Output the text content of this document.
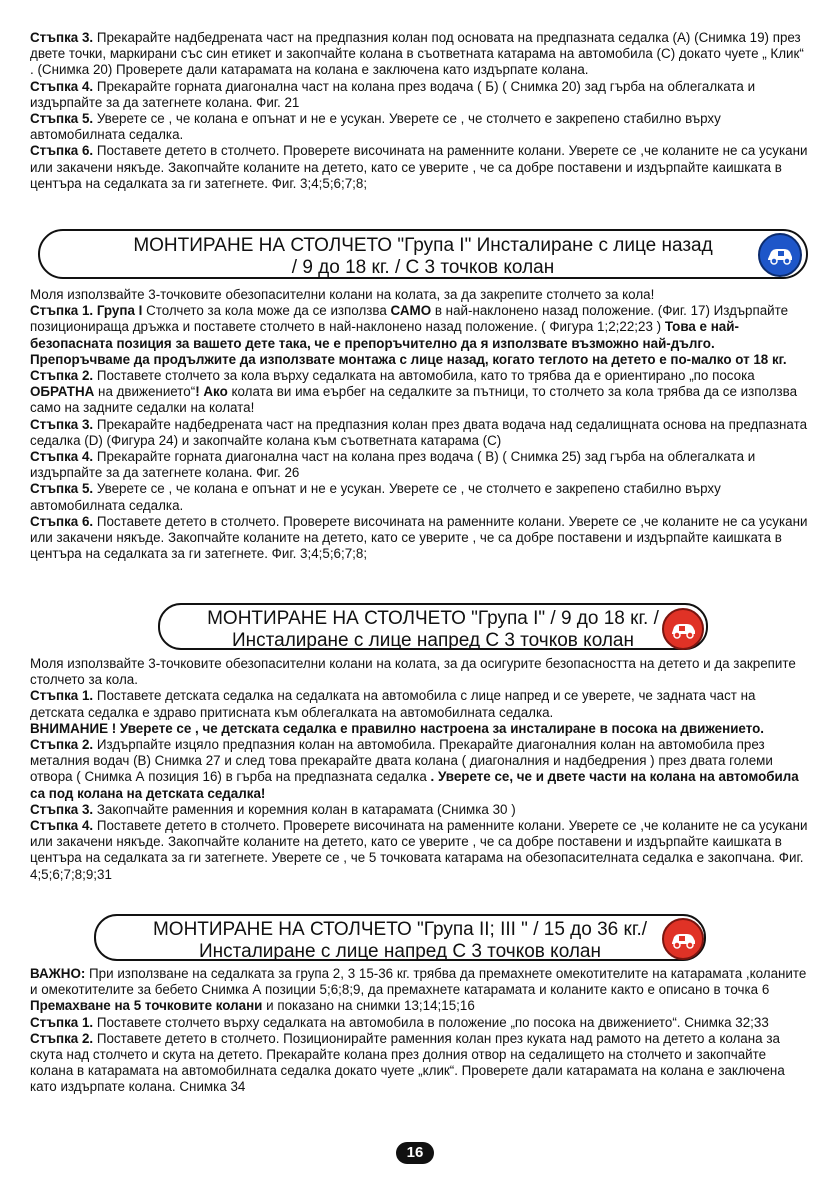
Стъпка 3. Прекарайте надбедрената част на предпазния колан под основата на предпазната седалка (А) (Снимка 19) през двете точки, маркирани със син етикет и закопчайте колана в съответната катарама на автомобила (С) докато чуете „ Клик“ . (Снимка 20) Проверете дали катарамата на колана е заключена като издърпате колана.

Стъпка 4. Прекарайте горната диагонална част на колана през водача ( Б) ( Снимка 20) зад гърба на облегалката и издърпайте за да затегнете колана. Фиг. 21

Стъпка 5. Уверете се , че колана е опънат и не е усукан. Уверете се , че столчето е закрепено стабилно върху автомобилната седалка.

Стъпка 6. Поставете детето в столчето. Проверете височината на раменните колани. Уверете се ,че коланите не са усукани или закачени някъде. Закопчайте коланите на детето, като се уверите , че са добре поставени и издърпайте каишката в центъра на седалката за ги затегнете. Фиг. 3;4;5;6;7;8;

МОНТИРАНЕ НА СТОЛЧЕТО "Група I" Инсталиране с лице назад
/ 9 до 18 кг. / С 3 точков колан

Моля използвайте 3-точковите обезопасителни колани на колата, за да закрепите столчето за кола!

Стъпка 1. Група I Столчето за кола може да се използва САМО в най-наклонено назад положение. (Фиг. 17) Издърпайте позиционираща дръжка и поставете столчето в най-наклонено назад положение. ( Фигура 1;2;22;23 ) Това е най-безопасната позиция за вашето дете така, че е препоръчително да я използвате възможно най-дълго. Препоръчваме да продължите да използвате монтажа с лице назад, когато теглото на детето е по-малко от 18 кг.

Стъпка 2. Поставете столчето за кола върху седалката на автомобила, като то трябва да е ориентирано „по посока ОБРАТНА на движението“! Ако колата ви има еърбег на седалките за пътници, то столчето за кола трябва да се използва само на задните седалки на колата!

Стъпка 3. Прекарайте надбедрената част на предпазния колан през двата водача над седалищната основа на предпазната седалка (D) (Фигура 24) и закопчайте колана към съответната катарама (С)

Стъпка 4. Прекарайте горната диагонална част на колана през водача ( В) ( Снимка 25) зад гърба на облегалката и издърпайте за да затегнете колана. Фиг. 26

Стъпка 5. Уверете се , че колана е опънат и не е усукан. Уверете се , че столчето е закрепено стабилно върху автомобилната седалка.

Стъпка 6. Поставете детето в столчето. Проверете височината на раменните колани. Уверете се ,че коланите не са усукани или закачени някъде. Закопчайте коланите на детето, като се уверите , че са добре поставени и издърпайте каишката в центъра на седалката за ги затегнете. Фиг. 3;4;5;6;7;8;

МОНТИРАНЕ НА СТОЛЧЕТО "Група I" / 9 до 18 кг. /
Инсталиране с лице напред С 3 точков колан

Моля използвайте 3-точковите обезопасителни колани на колата, за да осигурите безопасността на детето и да закрепите столчето за кола.

Стъпка 1. Поставете детската седалка на седалката на автомобила с лице напред и се уверете, че задната част на детската седалка е здраво притисната към облегалката на автомобилната седалка.

ВНИМАНИЕ ! Уверете се , че детската седалка е правилно настроена за инсталиране в посока на движението.

Стъпка 2. Издърпайте изцяло предпазния колан на автомобила. Прекарайте диагоналния колан на автомобила през металния водач (В) Снимка 27 и след това прекарайте двата колана ( диагоналния и надбедрения ) през двата големи отвора ( Снимка А позиция 16) в гърба на предпазната седалка . Уверете се, че и двете части на колана на автомобила са под колана на детската седалка!

Стъпка 3. Закопчайте раменния и коремния колан в катарамата (Снимка 30 )

Стъпка 4. Поставете детето в столчето. Проверете височината на раменните колани. Уверете се ,че коланите не са усукани или закачени някъде. Закопчайте коланите на детето, като се уверите , че са добре поставени и издърпайте каишката в центъра на седалката за ги затегнете. Уверете се , че 5 точковата катарама на обезопасителната седалка е закопчана. Фиг. 4;5;6;7;8;9;31

МОНТИРАНЕ НА СТОЛЧЕТО "Група II; III " / 15 до 36 кг./
Инсталиране с лице напред С 3 точков колан

ВАЖНО: При използване на седалката за група 2, 3 15-36 кг. трябва да премахнете омекотителите на катарамата ,коланите и омекотителите за бебето Снимка А позиции 5;6;8;9, да премахнете катарамата и коланите както е описано в точка 6 Премахване на 5 точковите колани и показано на снимки 13;14;15;16

Стъпка 1. Поставете столчето върху седалката на автомобила в положение „по посока на движението“. Снимка 32;33

Стъпка 2. Поставете детето в столчето. Позиционирайте раменния колан през куката над рамото на детето а колана за скута над столчето и скута на детето. Прекарайте колана през долния отвор на седалището на столчето и закопчайте колана в катарамата на автомобилната седалка докато чуете „клик“. Проверете дали катарамата на колана е заключена като издърпате колана. Снимка 34

16
